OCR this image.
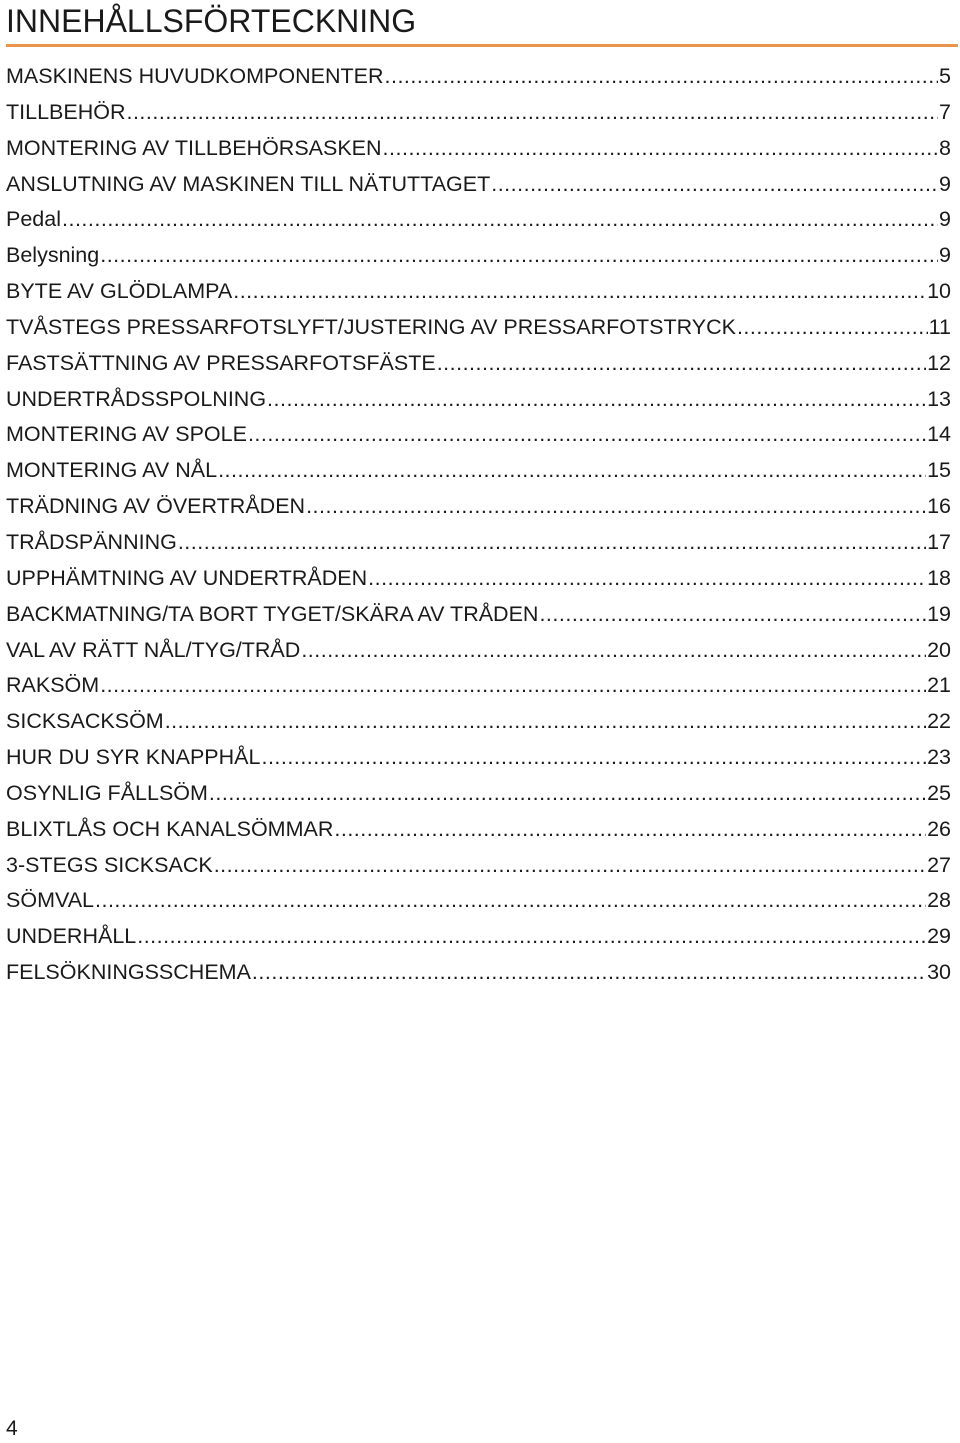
INNEHÅLLSFÖRTECKNING
MASKINENS HUVUDKOMPONENTER .....	5
TILLBEHÖR .....	7
MONTERING AV TILLBEHÖRSASKEN .....	8
ANSLUTNING AV MASKINEN TILL NÄTUTTAGET .....	9
Pedal .....	9
Belysning .....	9
BYTE AV GLÖDLAMPA .....	10
TVÅSTEGS PRESSARFOTSLYFT/JUSTERING AV PRESSARFOTSTRYCK .....	11
FASTSÄTTNING AV PRESSARFOTSFÄSTE .....	12
UNDERTRÅDSSPOLNING .....	13
MONTERING AV SPOLE .....	14
MONTERING AV NÅL .....	15
TRÄDNING AV ÖVERTRÅDEN .....	16
TRÅDSPÄNNING .....	17
UPPHÄMTNING AV UNDERTRÅDEN .....	18
BACKMATNING/TA BORT TYGET/SKÄRA AV TRÅDEN .....	19
VAL AV RÄTT NÅL/TYG/TRÅD .....	20
RAKSÖM .....	21
SICKSACKSÖM .....	22
HUR DU SYR KNAPPHÅL .....	23
OSYNLIG FÅLLSÖM .....	25
BLIXTLÅS OCH KANALSÖMMAR .....	26
3-STEGS SICKSACK .....	27
SÖMVAL .....	28
UNDERHÅLL .....	29
FELSÖKNINGSSCHEMA .....	30
4
